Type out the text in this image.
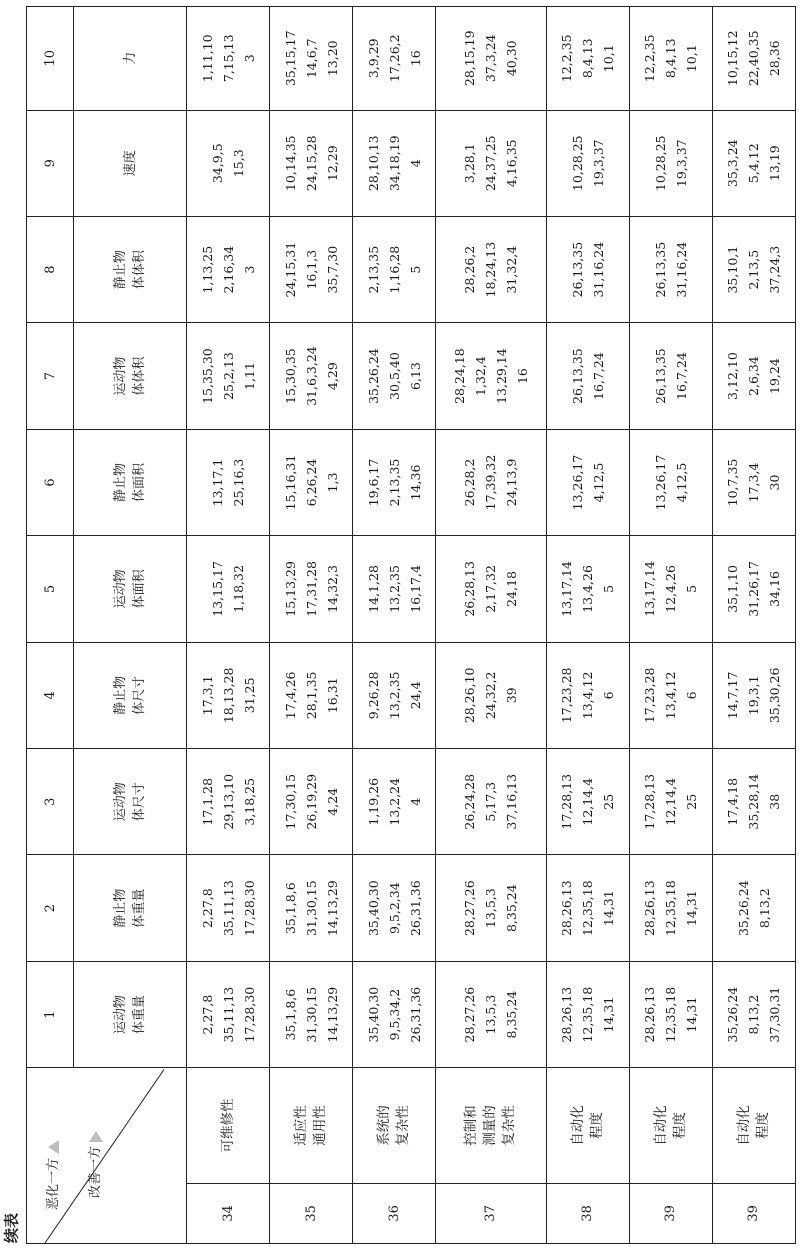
续表
恶化一方 改善一方		1	2	3	4	5	6	7	8	9	10

		运动物 体重量	静止物 体重量	运动物 体尺寸	静止物 体尺寸	运动物 体面积	静止物 体面积	运动物 体体积	静止物 体体积	速度	力

34	可维修性	2,27,8 35,11,13 17,28,30	2,27,8 35,11,13 17,28,30	17,1,28 29,13,10 3,18,25	17,3,1 18,13,28 31,25	13,15,17 1,18,32	13,17,1 25,16,3	15,35,30 25,2,13 1,11	1,13,25 2,16,34 3	34,9,5 15,3	1,11,10 7,15,13 3

35	适应性 通用性	35,1,8,6 31,30,15 14,13,29	35,1,8,6 31,30,15 14,13,29	17,30,15 26,19,29 4,24	17,4,26 28,1,35 16,31	15,13,29 17,31,28 14,32,3	15,16,31 6,26,24 1,3	15,30,35 31,6,3,24 4,29	24,15,31 16,1,3 35,7,30	10,14,35 24,15,28 12,29	35,15,17 14,6,7 13,20

36	系统的 复杂性	35,40,30 9,5,34,2 26,31,36	35,40,30 9,5,2,34 26,31,36	1,19,26 13,2,24 4	9,26,28 13,2,35 24,4	14,1,28 13,2,35 16,17,4	19,6,17 2,13,35 14,36	35,26,24 30,5,40 6,13	2,13,35 1,16,28 5	28,10,13 34,18,19 4	3,9,29 17,26,2 16

37	控制和 测量的 复杂性	28,27,26 13,5,3 8,35,24	28,27,26 13,5,3 8,35,24	26,24,28 5,17,3 37,16,13	28,26,10 24,32,2 39	26,28,13 2,17,32 24,18	26,28,2 17,39,32 24,13,9	28,24,18 1,32,4 13,29,14 16	28,26,2 18,24,13 31,32,4	3,28,1 24,37,25 4,16,35	28,15,19 37,3,24 40,30

38	自动化 程度	28,26,13 12,35,18 14,31	28,26,13 12,35,18 14,31	17,28,13 12,14,4 25	17,23,28 13,4,12 6	13,17,14 13,4,26 5	13,26,17 4,12,5	26,13,35 16,7,24	26,13,35 31,16,24	10,28,25 19,3,37	12,2,35 8,4,13 10,1

39	自动化 程度	28,26,13 12,35,18 14,31	28,26,13 12,35,18 14,31	17,28,13 12,14,4 25	17,23,28 13,4,12 6	13,17,14 12,4,26 5	13,26,17 4,12,5	26,13,35 16,7,24	26,13,35 31,16,24	10,28,25 19,3,37	12,2,35 8,4,13 10,1

39	自动化 程度	35,26,24 8,13,2 37,30,31	35,26,24 8,13,2	17,4,18 35,28,14 38	14,7,17 19,3,1 35,30,26	35,1,10 31,26,17 34,16	10,7,35 17,3,4 30	3,12,10 2,6,34 19,24	35,10,1 2,13,5 37,24,3	35,3,24 5,4,12 13,19	10,15,12 22,40,35 28,36
